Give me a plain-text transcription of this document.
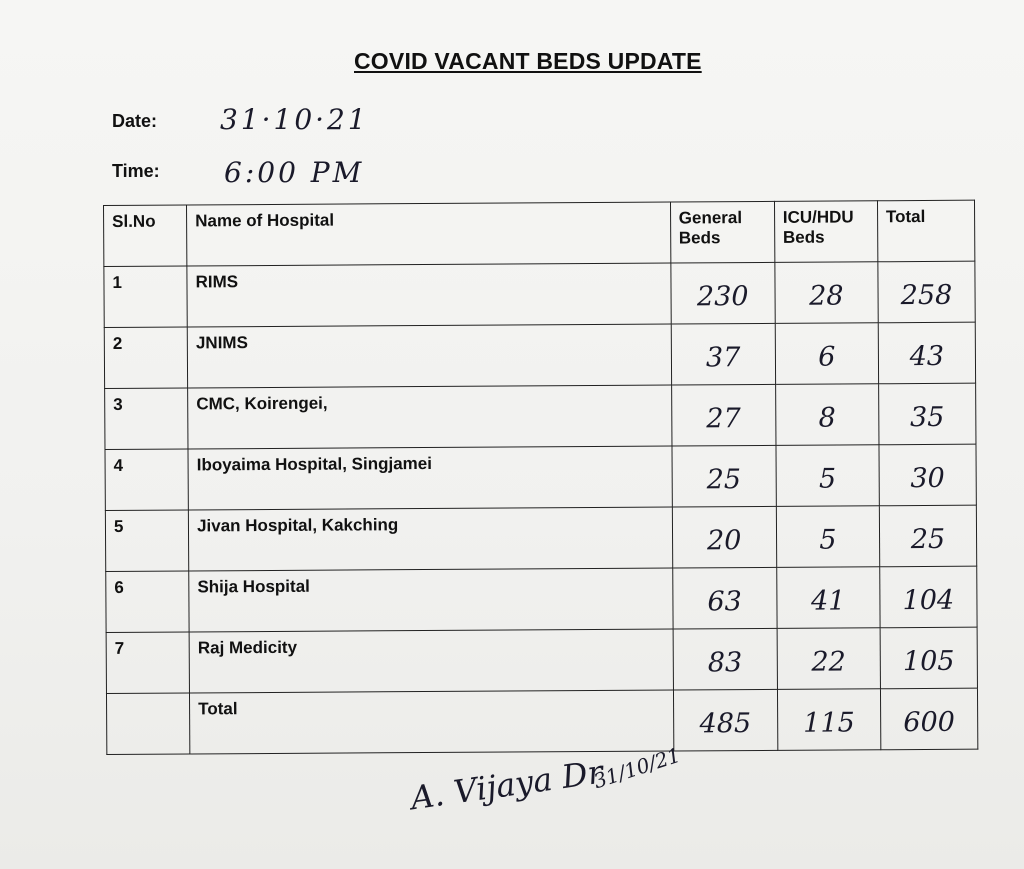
COVID VACANT BEDS UPDATE
Date: 31·10·21
Time: 6:00 PM
Sl.No	Name of Hospital	General Beds	ICU/HDU Beds	Total
1	RIMS	230	28	258
2	JNIMS	37	6	43
3	CMC, Koirengei,	27	8	35
4	Iboyaima Hospital, Singjamei	25	5	30
5	Jivan Hospital, Kakching	20	5	25
6	Shija Hospital	63	41	104
7	Raj Medicity	83	22	105
	Total	485	115	600
A. Vijaya Dr
31/10/21
